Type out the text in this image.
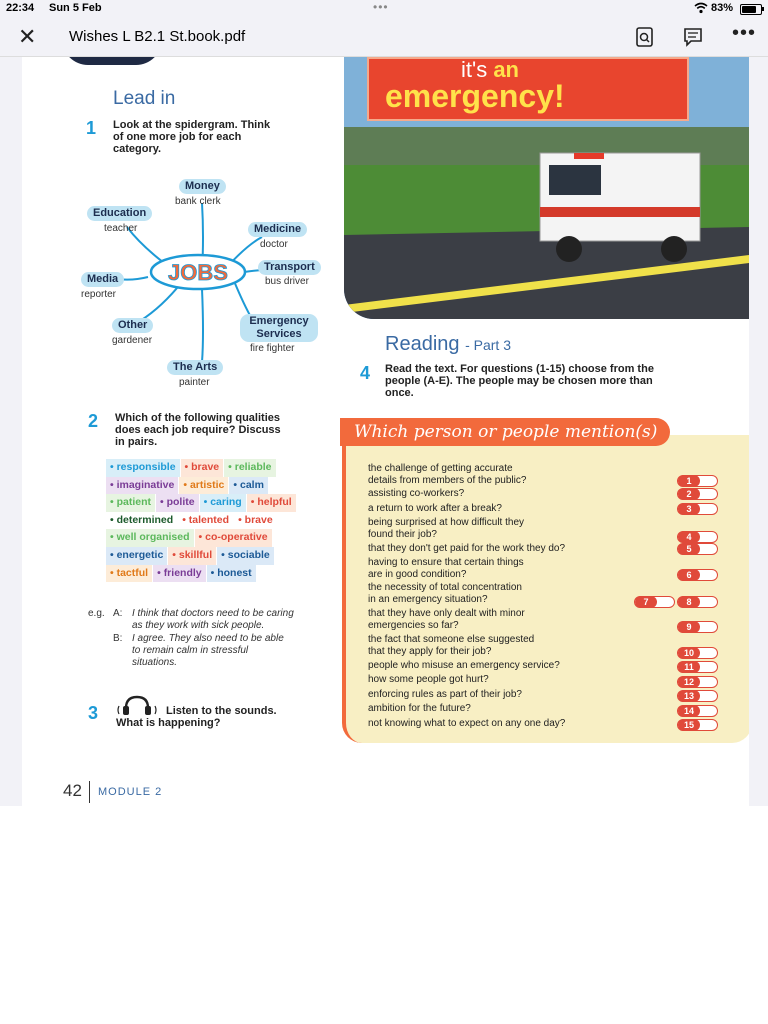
22:34 Sun 5 Feb	•••	83%
✕ Wishes L B2.1 St.book.pdf	•••
it's an
emergency!
Lead in
1 Look at the spidergram. Think
of one more job for each
category.
JOBS
Money
bank clerk
Education
teacher	Medicine
doctor
Transport
bus driver
Media
reporter
Other
gardener
Emergency Services
fire fighter
The Arts
painter
2 Which of the following qualities
does each job require? Discuss
in pairs.
• responsible • brave • reliable
• imaginative • artistic • calm
• patient • polite • caring • helpful
• determined • talented • brave
• well organised • co-operative
• energetic • skillful • sociable
• tactful • friendly • honest
e.g. A: I think that doctors need to be caring
as they work with sick people.
B: I agree. They also need to be able
to remain calm in stressful
situations.
3	Listen to the sounds.
What is happening?
Reading - Part 3
4 Read the text. For questions (1-15) choose from the
people (A-E). The people may be chosen more than
once.
Which person or people mention(s)
the challenge of getting accurate
details from members of the public?	1
assisting co-workers?	2
a return to work after a break?	3
being surprised at how difficult they
found their job?	4
that they don't get paid for the work they do?	5
having to ensure that certain things
are in good condition?	6
the necessity of total concentration
in an emergency situation?	7	8
that they have only dealt with minor
emergencies so far?	9
the fact that someone else suggested
that they apply for their job?	10
people who misuse an emergency service?	11
how some people got hurt?	12
enforcing rules as part of their job?	13
ambition for the future?	14
not knowing what to expect on any one day?	15
42 MODULE 2
